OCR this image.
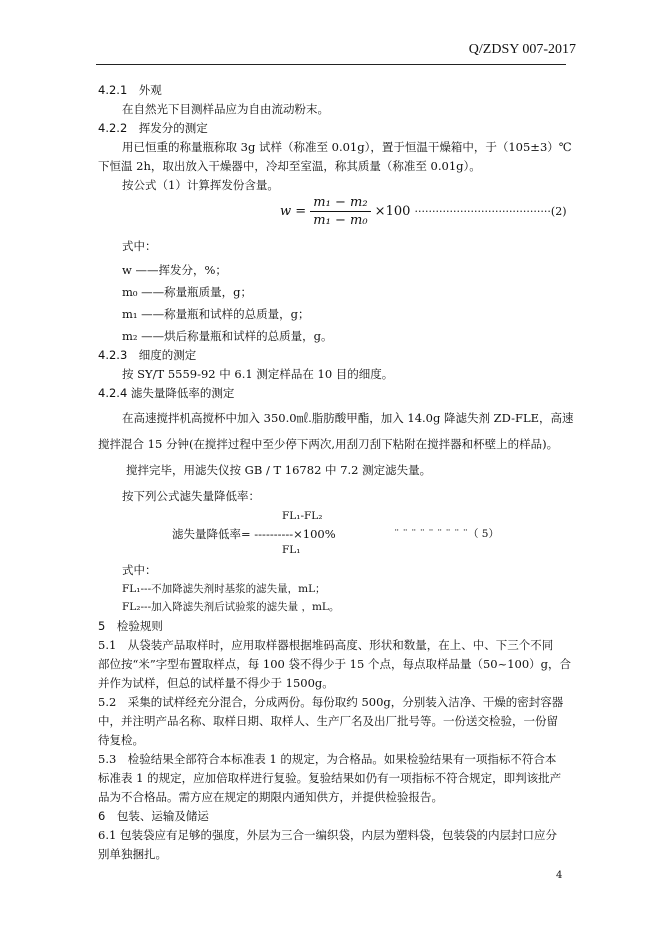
Q/ZDSY 007-2017
4.2.1　外观
在自然光下目测样品应为自由流动粉末。
4.2.2　挥发分的测定
用已恒重的称量瓶称取 3g 试样（称准至 0.01g），置于恒温干燥箱中，于（105±3）℃
下恒温 2h，取出放入干燥器中，冷却至室温，称其质量（称准至 0.01g）。
按公式（1）计算挥发份含量。
$w = \frac{\text{m₁ − m₂}}{\text{m₁ − m₀}} \times 100 \cdot\cdot\cdot\cdot\cdot\cdot\cdot\cdot\cdot\cdot\cdot\cdot\cdot\cdot\cdot\cdot\cdot\cdot\cdot\cdot\cdot\cdot\cdot\cdot\cdot\cdot\cdot\cdot\cdot\cdot\cdot\cdot\cdot\cdot\cdot\cdot\cdot\cdot\cdot(2)$
式中：
w ——挥发分，%；
m₀ ——称量瓶质量，g；
m₁ ——称量瓶和试样的总质量，g；
m₂ ——烘后称量瓶和试样的总质量，g。
4.2.3　细度的测定
按 SY/T 5559-92 中 6.1 测定样品在 10 目的细度。
4.2.4 滤失量降低率的测定
在高速搅拌机高搅杯中加入 350.0㎖.脂肪酸甲酯，加入 14.0g 降滤失剂 ZD-FLE，高速
搅拌混合 15 分钟(在搅拌过程中至少停下两次,用刮刀刮下粘附在搅拌器和杯壁上的样品)。
搅拌完毕，用滤失仪按 GB / T 16782 中 7.2 测定滤失量。
按下列公式滤失量降低率：
FL₁-FL₂
滤失量降低率= ----------×100%	¨ ¨ ¨ ¨ ¨ ¨ ¨ ¨ ¨（ 5）
FL₁
式中：
FL₁---不加降滤失剂时基浆的滤失量，mL；
FL₂---加入降滤失剂后试验浆的滤失量 ，mL。
5　检验规则
5.1　从袋装产品取样时，应用取样器根据堆码高度、形状和数量，在上、中、下三个不同
部位按“米”字型布置取样点，每 100 袋不得少于 15 个点，每点取样品量（50~100）g，合
并作为试样，但总的试样量不得少于 1500g。
5.2　采集的试样经充分混合，分成两份。每份取约 500g，分别装入洁净、干燥的密封容器
中，并注明产品名称、取样日期、取样人、生产厂名及出厂批号等。一份送交检验，一份留
待复检。
5.3　检验结果全部符合本标准表 1 的规定，为合格品。如果检验结果有一项指标不符合本
标准表 1 的规定，应加倍取样进行复验。复验结果如仍有一项指标不符合规定，即判该批产
品为不合格品。需方应在规定的期限内通知供方，并提供检验报告。
6　包装、运输及储运
6.1 包装袋应有足够的强度，外层为三合一编织袋，内层为塑料袋，包装袋的内层封口应分
别单独捆扎。
4
